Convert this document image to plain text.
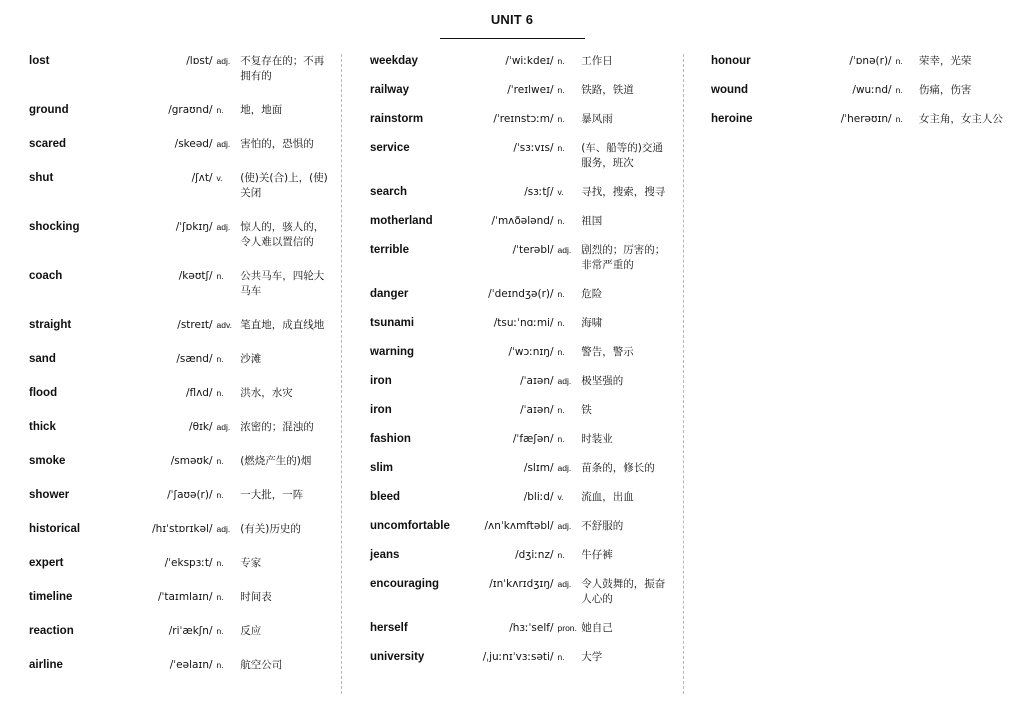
UNIT 6
lost	/lɒst/ adj. 不复存在的；不再拥有的
ground	/graʊnd/ n.	地，地面
scared	/skeəd/ adj. 害怕的，恐惧的
shut	/ʃʌt/ v.	(使)关(合)上，(使)关闭
shocking	/ˈʃɒkɪŋ/ adj. 惊人的，骇人的，令人难以置信的
coach	/kəʊtʃ/ n.	公共马车，四轮大马车
straight	/streɪt/ adv. 笔直地，成直线地
sand	/sænd/ n.	沙滩
flood	/flʌd/ n.	洪水，水灾
thick	/θɪk/ adj. 浓密的；混浊的
smoke	/sməʊk/ n.	(燃烧产生的)烟
shower	/ˈʃaʊə(r)/ n.	一大批，一阵
historical	/hɪˈstɒrɪkəl/ adj. (有关)历史的
expert	/ˈekspɜːt/ n.	专家
timeline	/ˈtaɪmlaɪn/ n.	时间表
reaction	/riˈækʃn/ n.	反应
airline	/ˈeəlaɪn/ n.	航空公司
weekday	/ˈwiːkdeɪ/ n.	工作日
railway	/ˈreɪlweɪ/ n.	铁路，铁道
rainstorm	/ˈreɪnstɔːm/ n.	暴风雨
service	/ˈsɜːvɪs/ n.	(车、船等的)交通服务，班次
search	/sɜːtʃ/ v.	寻找，搜索，搜寻
motherland	/ˈmʌðələnd/ n.	祖国
terrible	/ˈterəbl/ adj. 剧烈的；厉害的；非常严重的
danger	/ˈdeɪndʒə(r)/ n.	危险
tsunami	/tsuːˈnɑːmi/ n.	海啸
warning	/ˈwɔːnɪŋ/ n.	警告，警示
iron	/ˈaɪən/ adj. 极坚强的
iron	/ˈaɪən/ n.	铁
fashion	/ˈfæʃən/ n.	时装业
slim	/slɪm/ adj. 苗条的，修长的
bleed	/bliːd/ v.	流血，出血
uncomfortable	/ʌnˈkʌmftəbl/ adj. 不舒服的
jeans	/dʒiːnz/ n.	牛仔裤
encouraging	/ɪnˈkʌrɪdʒɪŋ/ adj. 令人鼓舞的，振奋人心的
herself	/hɜːˈself/ pron. 她自己
university	/ˌjuːnɪˈvɜːsəti/ n.	大学
honour	/ˈɒnə(r)/ n.	荣幸，光荣
wound	/wuːnd/ n.	伤痛，伤害
heroine	/ˈherəʊɪn/ n.	女主角，女主人公
